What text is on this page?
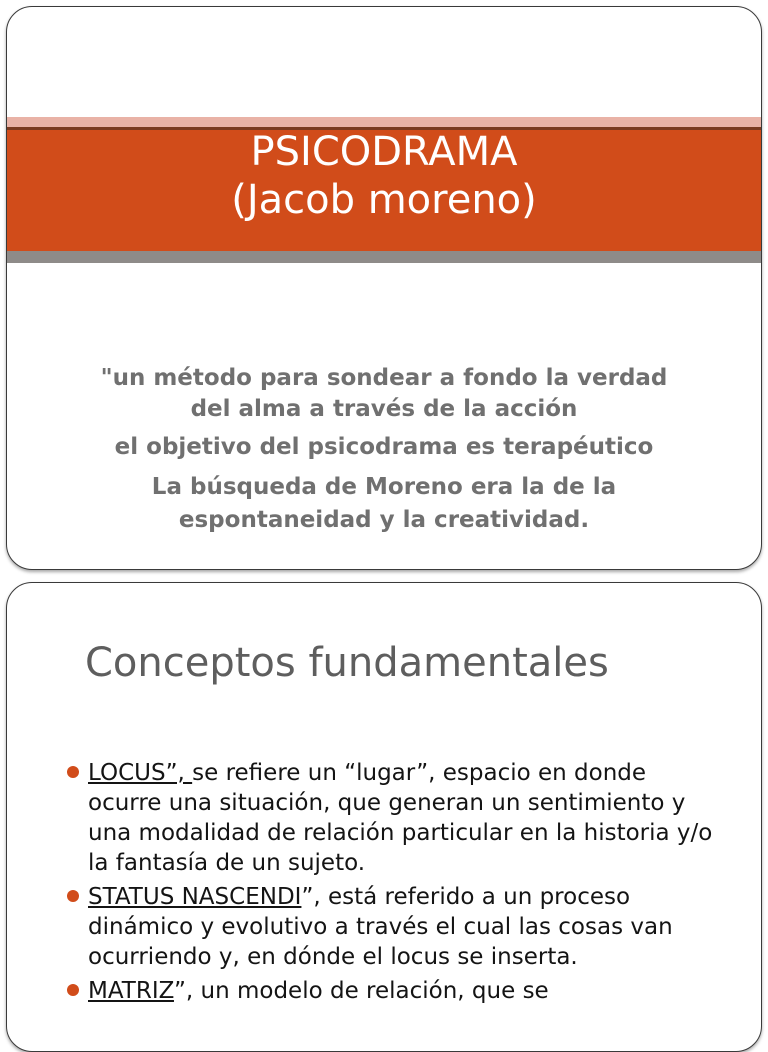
PSICODRAMA
(Jacob moreno)

"un método para sondear a fondo la verdad del alma a través de la acción

el objetivo del psicodrama es terapéutico

La búsqueda de Moreno era la de la espontaneidad y la creatividad.

Conceptos fundamentales
LOCUS”, se refiere un “lugar”, espacio en donde ocurre una situación, que generan un sentimiento y una modalidad de relación particular en la historia y/o la fantasía de un sujeto.
STATUS NASCENDI”, está referido a un proceso dinámico y evolutivo a través el cual las cosas van ocurriendo y, en dónde el locus se inserta.
MATRIZ”, un modelo de relación, que se
